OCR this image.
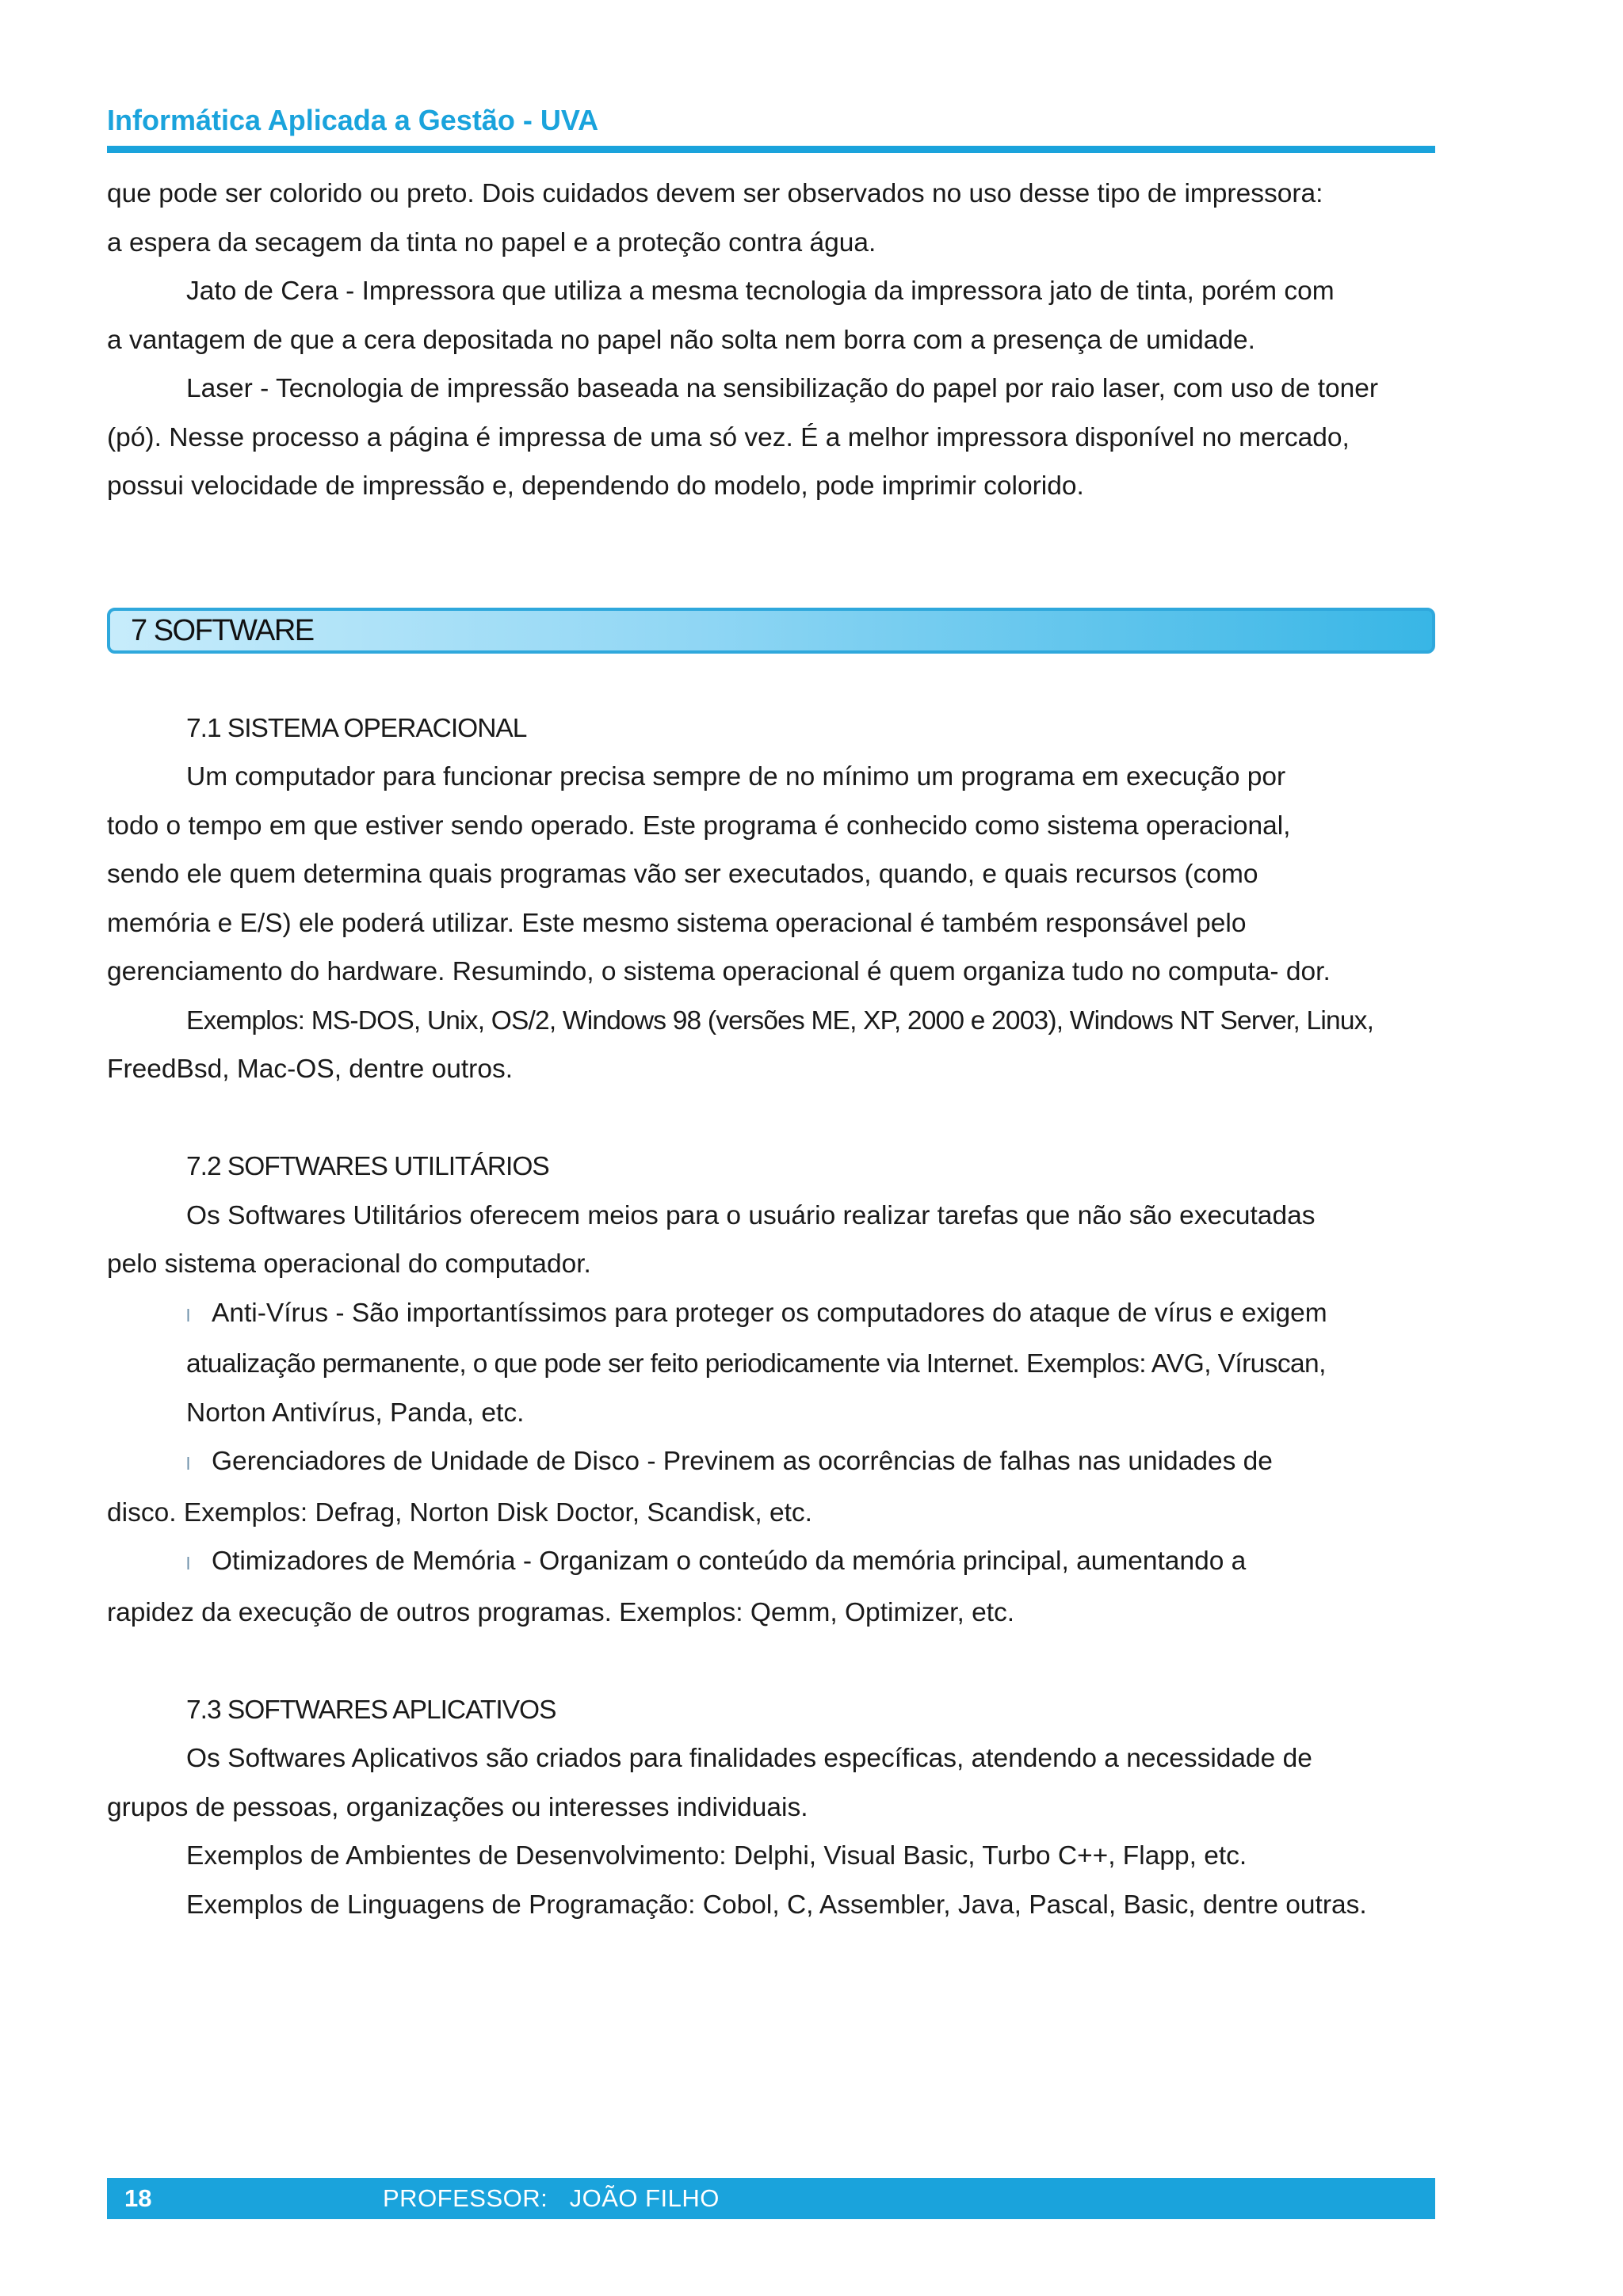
Informática Aplicada a Gestão - UVA

que pode ser colorido ou preto. Dois cuidados devem ser observados no uso desse tipo de impressora:

a espera da secagem da tinta no papel e a proteção contra água.

Jato de Cera - Impressora que utiliza a mesma tecnologia da impressora jato de tinta, porém com

a vantagem de que a cera depositada no papel não solta nem borra com a presença de umidade.

Laser - Tecnologia de impressão baseada na sensibilização do papel por raio laser, com uso de toner

(pó). Nesse processo a página é impressa de uma só vez. É a melhor impressora disponível no mercado,

possui velocidade de impressão e, dependendo do modelo, pode imprimir colorido.

7 SOFTWARE

7.1 SISTEMA OPERACIONAL

Um computador para funcionar precisa sempre de no mínimo um programa em execução por

todo o tempo em que estiver sendo operado. Este programa é conhecido como sistema operacional,

sendo ele quem determina quais programas vão ser executados, quando, e quais recursos (como

memória e E/S) ele poderá utilizar. Este mesmo sistema operacional é também responsável pelo

gerenciamento do hardware. Resumindo, o sistema operacional é quem organiza tudo no computa- dor.

Exemplos: MS-DOS, Unix, OS/2, Windows 98 (versões ME, XP, 2000 e 2003), Windows NT Server, Linux,

FreedBsd, Mac-OS, dentre outros.

7.2 SOFTWARES UTILITÁRIOS

Os Softwares Utilitários oferecem meios para o usuário realizar tarefas que não são executadas

pelo sistema operacional do computador.

l Anti-Vírus - São importantíssimos para proteger os computadores do ataque de vírus e exigem

atualização permanente, o que pode ser feito periodicamente via Internet. Exemplos: AVG, Víruscan,

Norton Antivírus, Panda, etc.

l Gerenciadores de Unidade de Disco - Previnem as ocorrências de falhas nas unidades de

disco. Exemplos: Defrag, Norton Disk Doctor, Scandisk, etc.

l Otimizadores de Memória - Organizam o conteúdo da memória principal, aumentando a

rapidez da execução de outros programas. Exemplos: Qemm, Optimizer, etc.

7.3 SOFTWARES APLICATIVOS

Os Softwares Aplicativos são criados para finalidades específicas, atendendo a necessidade de

grupos de pessoas, organizações ou interesses individuais.

Exemplos de Ambientes de Desenvolvimento: Delphi, Visual Basic, Turbo C++, Flapp, etc.

Exemplos de Linguagens de Programação: Cobol, C, Assembler, Java, Pascal, Basic, dentre outras.

18	PROFESSOR:   JOÃO FILHO
